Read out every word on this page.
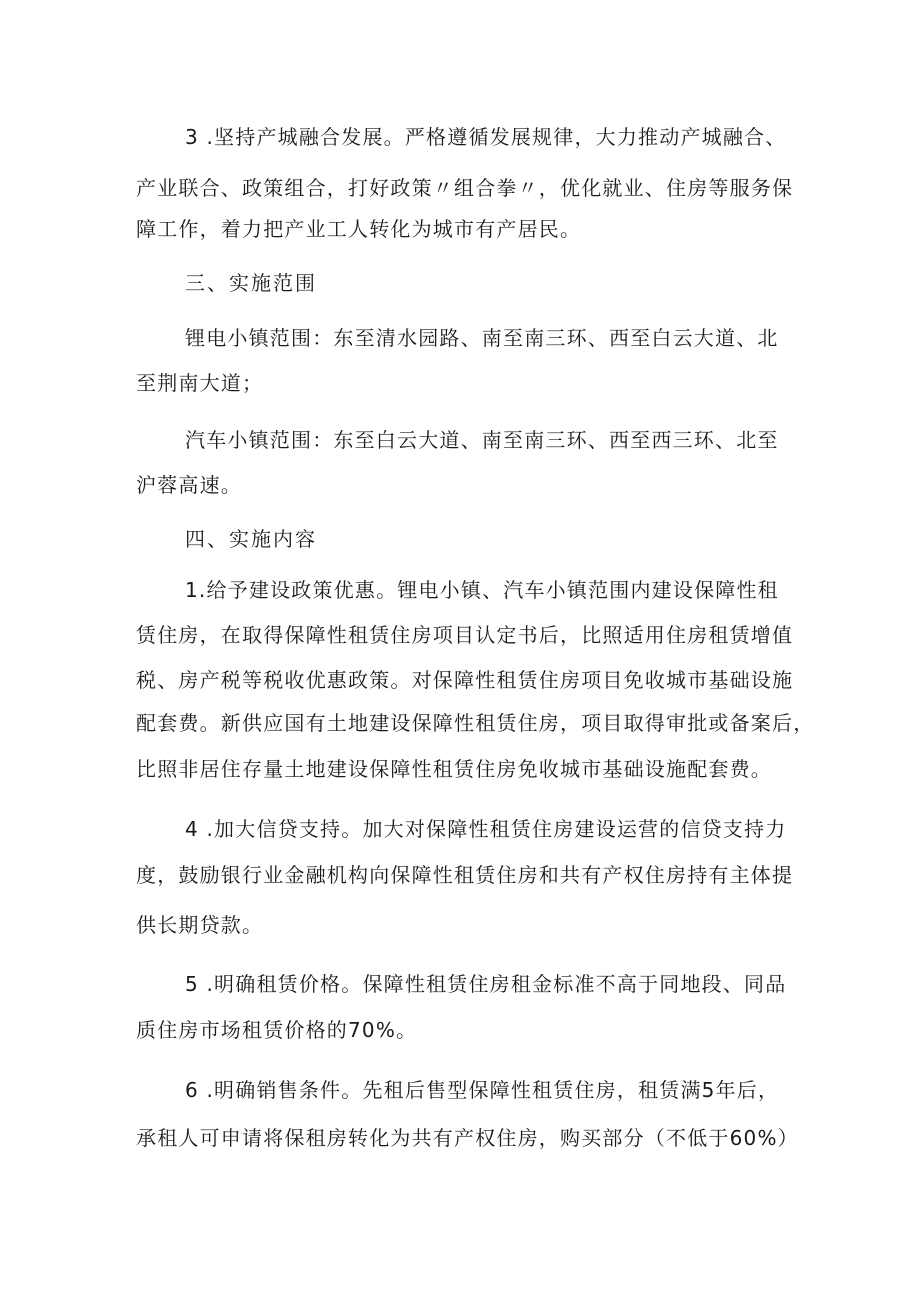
3 .坚持产城融合发展。严格遵循发展规律，大力推动产城融合、
产业联合、政策组合，打好政策〃组合拳〃，优化就业、住房等服务保
障工作，着力把产业工人转化为城市有产居民。
三、实施范围
锂电小镇范围：东至清水园路、南至南三环、西至白云大道、北
至荆南大道；
汽车小镇范围：东至白云大道、南至南三环、西至西三环、北至
沪蓉高速。
四、实施内容
1.给予建设政策优惠。锂电小镇、汽车小镇范围内建设保障性租
赁住房，在取得保障性租赁住房项目认定书后，比照适用住房租赁增值
税、房产税等税收优惠政策。对保障性租赁住房项目免收城市基础设施
配套费。新供应国有土地建设保障性租赁住房，项目取得审批或备案后，
比照非居住存量土地建设保障性租赁住房免收城市基础设施配套费。
4 .加大信贷支持。加大对保障性租赁住房建设运营的信贷支持力
度，鼓励银行业金融机构向保障性租赁住房和共有产权住房持有主体提
供长期贷款。
5 .明确租赁价格。保障性租赁住房租金标准不高于同地段、同品
质住房市场租赁价格的70%。
6 .明确销售条件。先租后售型保障性租赁住房，租赁满5年后，
承租人可申请将保租房转化为共有产权住房，购买部分（不低于60%）
